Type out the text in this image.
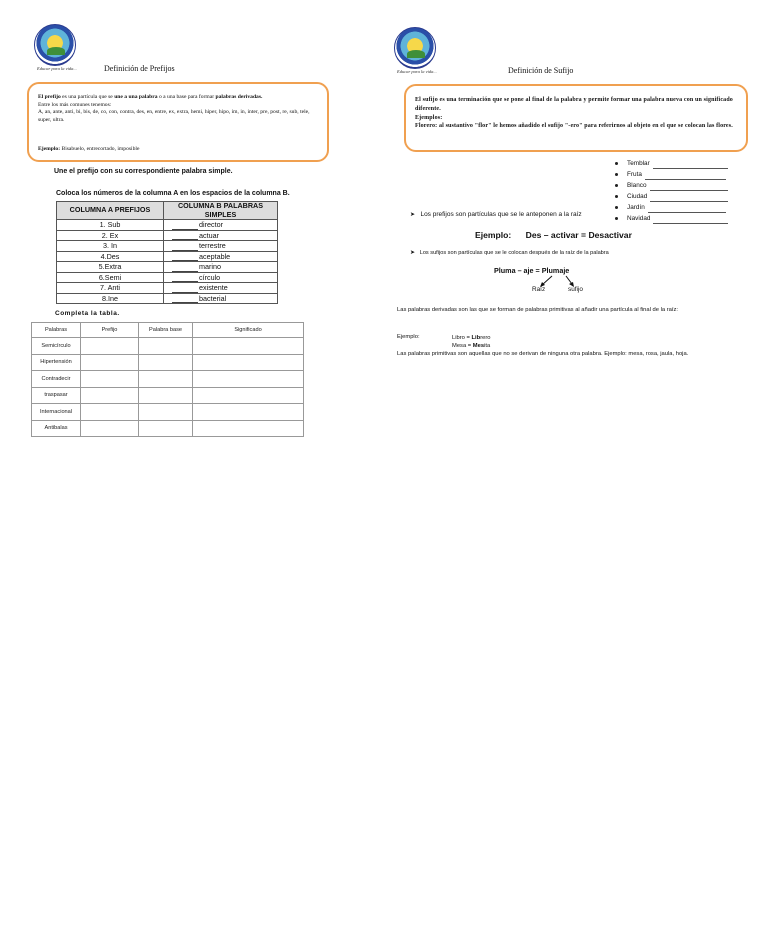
Educar para la vida...	Definición de Prefijos
El prefijo es una partícula que se une a una palabra o a una base para formar palabras derivadas.
Entre los más comunes tenemos:
A, an, ante, anti, bi, bis, de, co, con, contra, des, en, entre, ex, extra, hemi, hiper, hipo, im, in, inter, pre, post, re, sub, tele, super, ultra.
Ejemplo: Bisabuelo, entrecortado, imposible
Une el prefijo con su correspondiente palabra simple.
Coloca los números de la columna A en los espacios de la columna B.
COLUMNA A PREFIJOS	COLUMNA B PALABRAS SIMPLES
1. Sub	director
2. Ex	actuar
3. In	terrestre
4.Des	aceptable
5.Extra	marino
6.Semi	círculo
7. Anti	existente
8.Ine	bacterial
Completa la tabla.
Palabras	Prefijo	Palabra base	Significado
Semicírculo			
Hipertensión			
Contradecir			
traspasar			
Internacional			
Antibalas			
Educar para la vida...	Definición de Sufijo
El sufijo es una terminación que se pone al final de la palabra y permite formar una palabra nueva con un significado diferente.
Ejemplos:
Florero: al sustantivo "flor" le hemos añadido el sufijo "-ero" para referirnos al objeto en el que se colocan las flores.
Temblar
Fruta
Blanco
Ciudad
Jardín
Navidad
➤ Los prefijos son partículas que se le anteponen a la raíz
Ejemplo:      Des – activar = Desactivar
➤ Los sufijos son partículas que se le colocan después de la raíz de la palabra
Pluma – aje = Plumaje
Raíz	sufijo
Las palabras derivadas son las que se forman de palabras primitivas al añadir una partícula al final de la raíz:
Ejemplo:	Libro = Librero
Mesa = Mesita
Las palabras primitivas son aquellas que no se derivan de ninguna otra palabra. Ejemplo: mesa, rosa, jaula, hoja.
